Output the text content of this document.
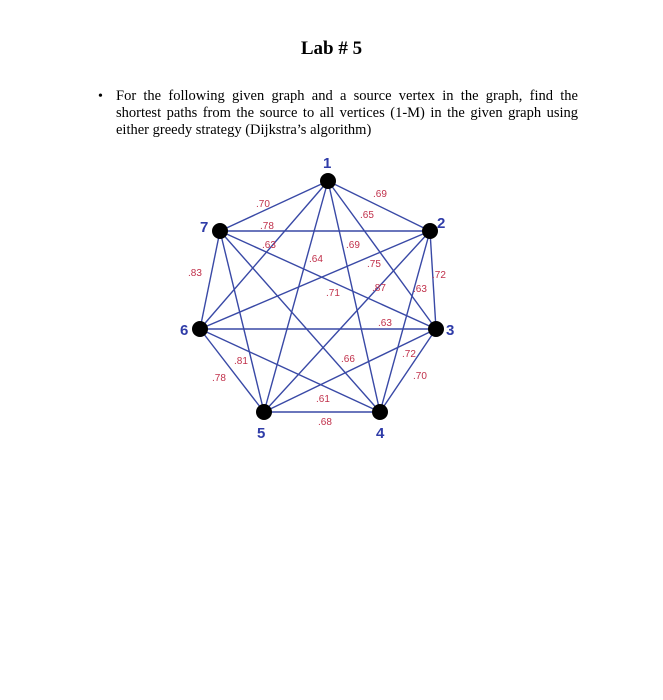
Lab # 5
• For the following given graph and a source vertex in the graph, find the shortest paths from the source to all vertices (1-M) in the given graph using either greedy strategy (Dijkstra’s algorithm)
1
2
3
4
5
6
7
.70
.78
.63
.64
.69
.65
.69
.75
.87	.63
.72
.71
.83
.63
.81
.78
.66	.72
.70
.61
.68
